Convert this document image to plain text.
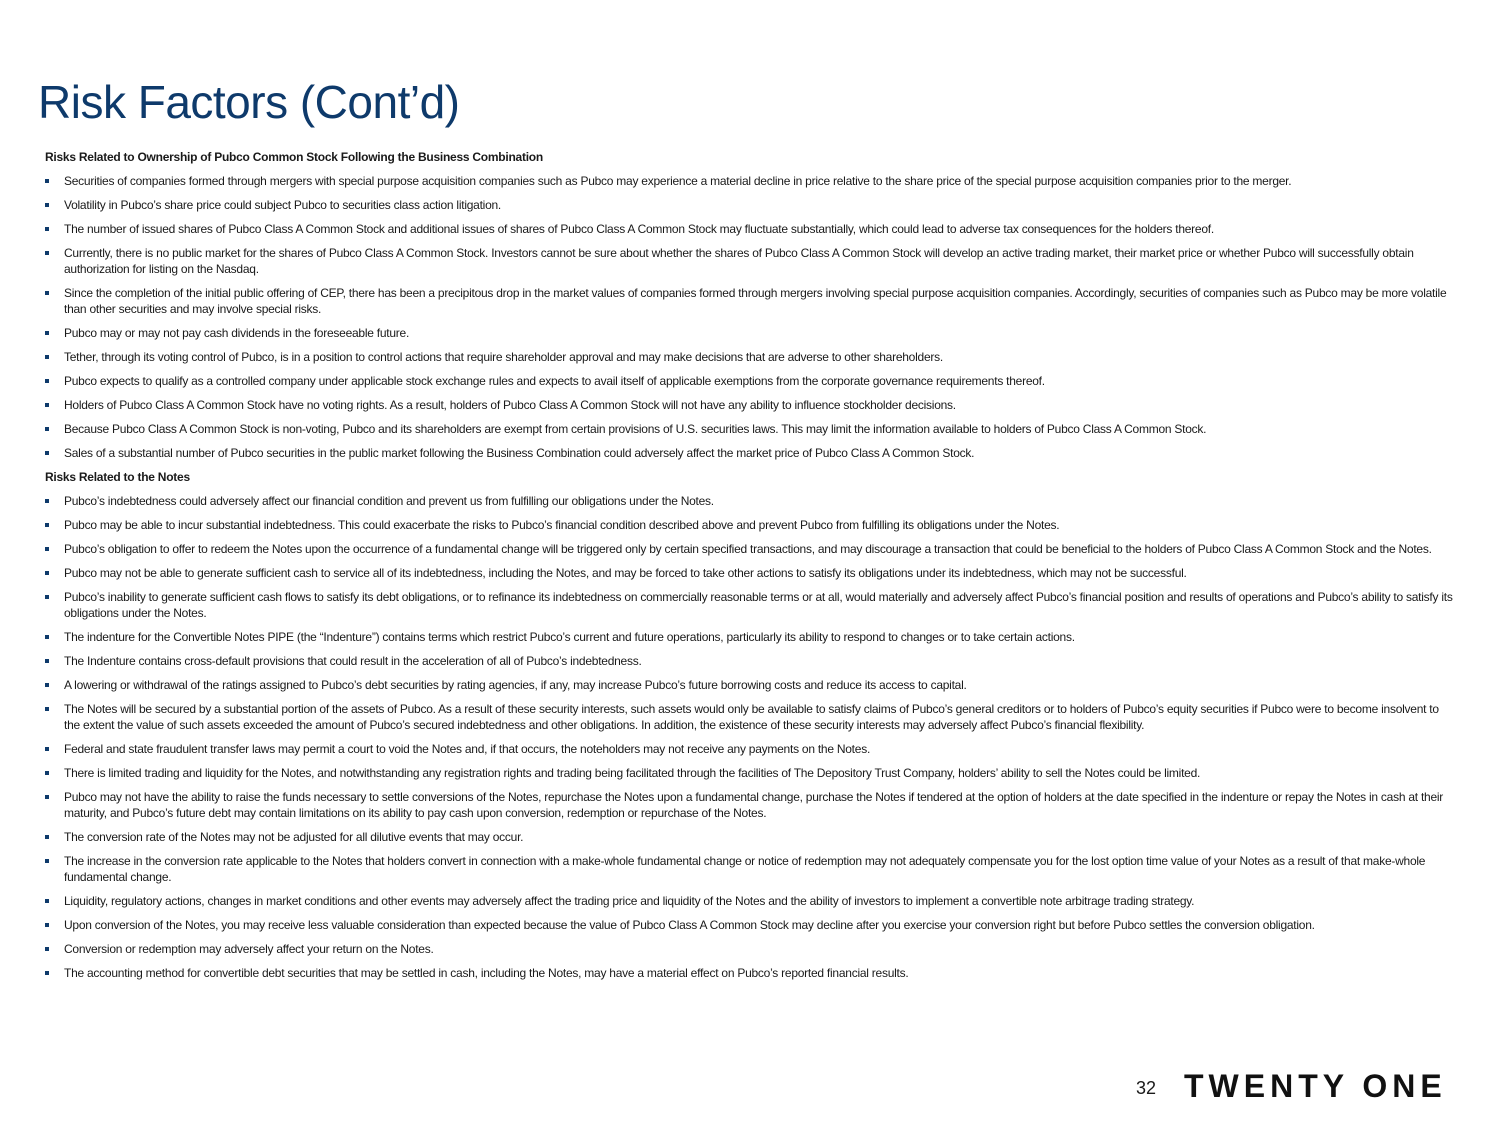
Risk Factors (Cont’d)

Risks Related to Ownership of Pubco Common Stock Following the Business Combination

Securities of companies formed through mergers with special purpose acquisition companies such as Pubco may experience a material decline in price relative to the share price of the special purpose acquisition companies prior to the merger.
Volatility in Pubco’s share price could subject Pubco to securities class action litigation.
The number of issued shares of Pubco Class A Common Stock and additional issues of shares of Pubco Class A Common Stock may fluctuate substantially, which could lead to adverse tax consequences for the holders thereof.
Currently, there is no public market for the shares of Pubco Class A Common Stock. Investors cannot be sure about whether the shares of Pubco Class A Common Stock will develop an active trading market, their market price or whether Pubco will successfully obtain authorization for listing on the Nasdaq.
Since the completion of the initial public offering of CEP, there has been a precipitous drop in the market values of companies formed through mergers involving special purpose acquisition companies. Accordingly, securities of companies such as Pubco may be more volatile than other securities and may involve special risks.
Pubco may or may not pay cash dividends in the foreseeable future.
Tether, through its voting control of Pubco, is in a position to control actions that require shareholder approval and may make decisions that are adverse to other shareholders.
Pubco expects to qualify as a controlled company under applicable stock exchange rules and expects to avail itself of applicable exemptions from the corporate governance requirements thereof.
Holders of Pubco Class A Common Stock have no voting rights. As a result, holders of Pubco Class A Common Stock will not have any ability to influence stockholder decisions.
Because Pubco Class A Common Stock is non-voting, Pubco and its shareholders are exempt from certain provisions of U.S. securities laws. This may limit the information available to holders of Pubco Class A Common Stock.
Sales of a substantial number of Pubco securities in the public market following the Business Combination could adversely affect the market price of Pubco Class A Common Stock.

Risks Related to the Notes

Pubco’s indebtedness could adversely affect our financial condition and prevent us from fulfilling our obligations under the Notes.
Pubco may be able to incur substantial indebtedness. This could exacerbate the risks to Pubco’s financial condition described above and prevent Pubco from fulfilling its obligations under the Notes.
Pubco’s obligation to offer to redeem the Notes upon the occurrence of a fundamental change will be triggered only by certain specified transactions, and may discourage a transaction that could be beneficial to the holders of Pubco Class A Common Stock and the Notes.
Pubco may not be able to generate sufficient cash to service all of its indebtedness, including the Notes, and may be forced to take other actions to satisfy its obligations under its indebtedness, which may not be successful.
Pubco’s inability to generate sufficient cash flows to satisfy its debt obligations, or to refinance its indebtedness on commercially reasonable terms or at all, would materially and adversely affect Pubco’s financial position and results of operations and Pubco’s ability to satisfy its obligations under the Notes.
The indenture for the Convertible Notes PIPE (the “Indenture”) contains terms which restrict Pubco’s current and future operations, particularly its ability to respond to changes or to take certain actions.
The Indenture contains cross-default provisions that could result in the acceleration of all of Pubco’s indebtedness.
A lowering or withdrawal of the ratings assigned to Pubco’s debt securities by rating agencies, if any, may increase Pubco’s future borrowing costs and reduce its access to capital.
The Notes will be secured by a substantial portion of the assets of Pubco. As a result of these security interests, such assets would only be available to satisfy claims of Pubco’s general creditors or to holders of Pubco’s equity securities if Pubco were to become insolvent to the extent the value of such assets exceeded the amount of Pubco’s secured indebtedness and other obligations. In addition, the existence of these security interests may adversely affect Pubco’s financial flexibility.
Federal and state fraudulent transfer laws may permit a court to void the Notes and, if that occurs, the noteholders may not receive any payments on the Notes.
There is limited trading and liquidity for the Notes, and notwithstanding any registration rights and trading being facilitated through the facilities of The Depository Trust Company, holders’ ability to sell the Notes could be limited.
Pubco may not have the ability to raise the funds necessary to settle conversions of the Notes, repurchase the Notes upon a fundamental change, purchase the Notes if tendered at the option of holders at the date specified in the indenture or repay the Notes in cash at their maturity, and Pubco’s future debt may contain limitations on its ability to pay cash upon conversion, redemption or repurchase of the Notes.
The conversion rate of the Notes may not be adjusted for all dilutive events that may occur.
The increase in the conversion rate applicable to the Notes that holders convert in connection with a make-whole fundamental change or notice of redemption may not adequately compensate you for the lost option time value of your Notes as a result of that make-whole fundamental change.
Liquidity, regulatory actions, changes in market conditions and other events may adversely affect the trading price and liquidity of the Notes and the ability of investors to implement a convertible note arbitrage trading strategy.
Upon conversion of the Notes, you may receive less valuable consideration than expected because the value of Pubco Class A Common Stock may decline after you exercise your conversion right but before Pubco settles the conversion obligation.
Conversion or redemption may adversely affect your return on the Notes.
The accounting method for convertible debt securities that may be settled in cash, including the Notes, may have a material effect on Pubco’s reported financial results.
32 TWENTY ONE
